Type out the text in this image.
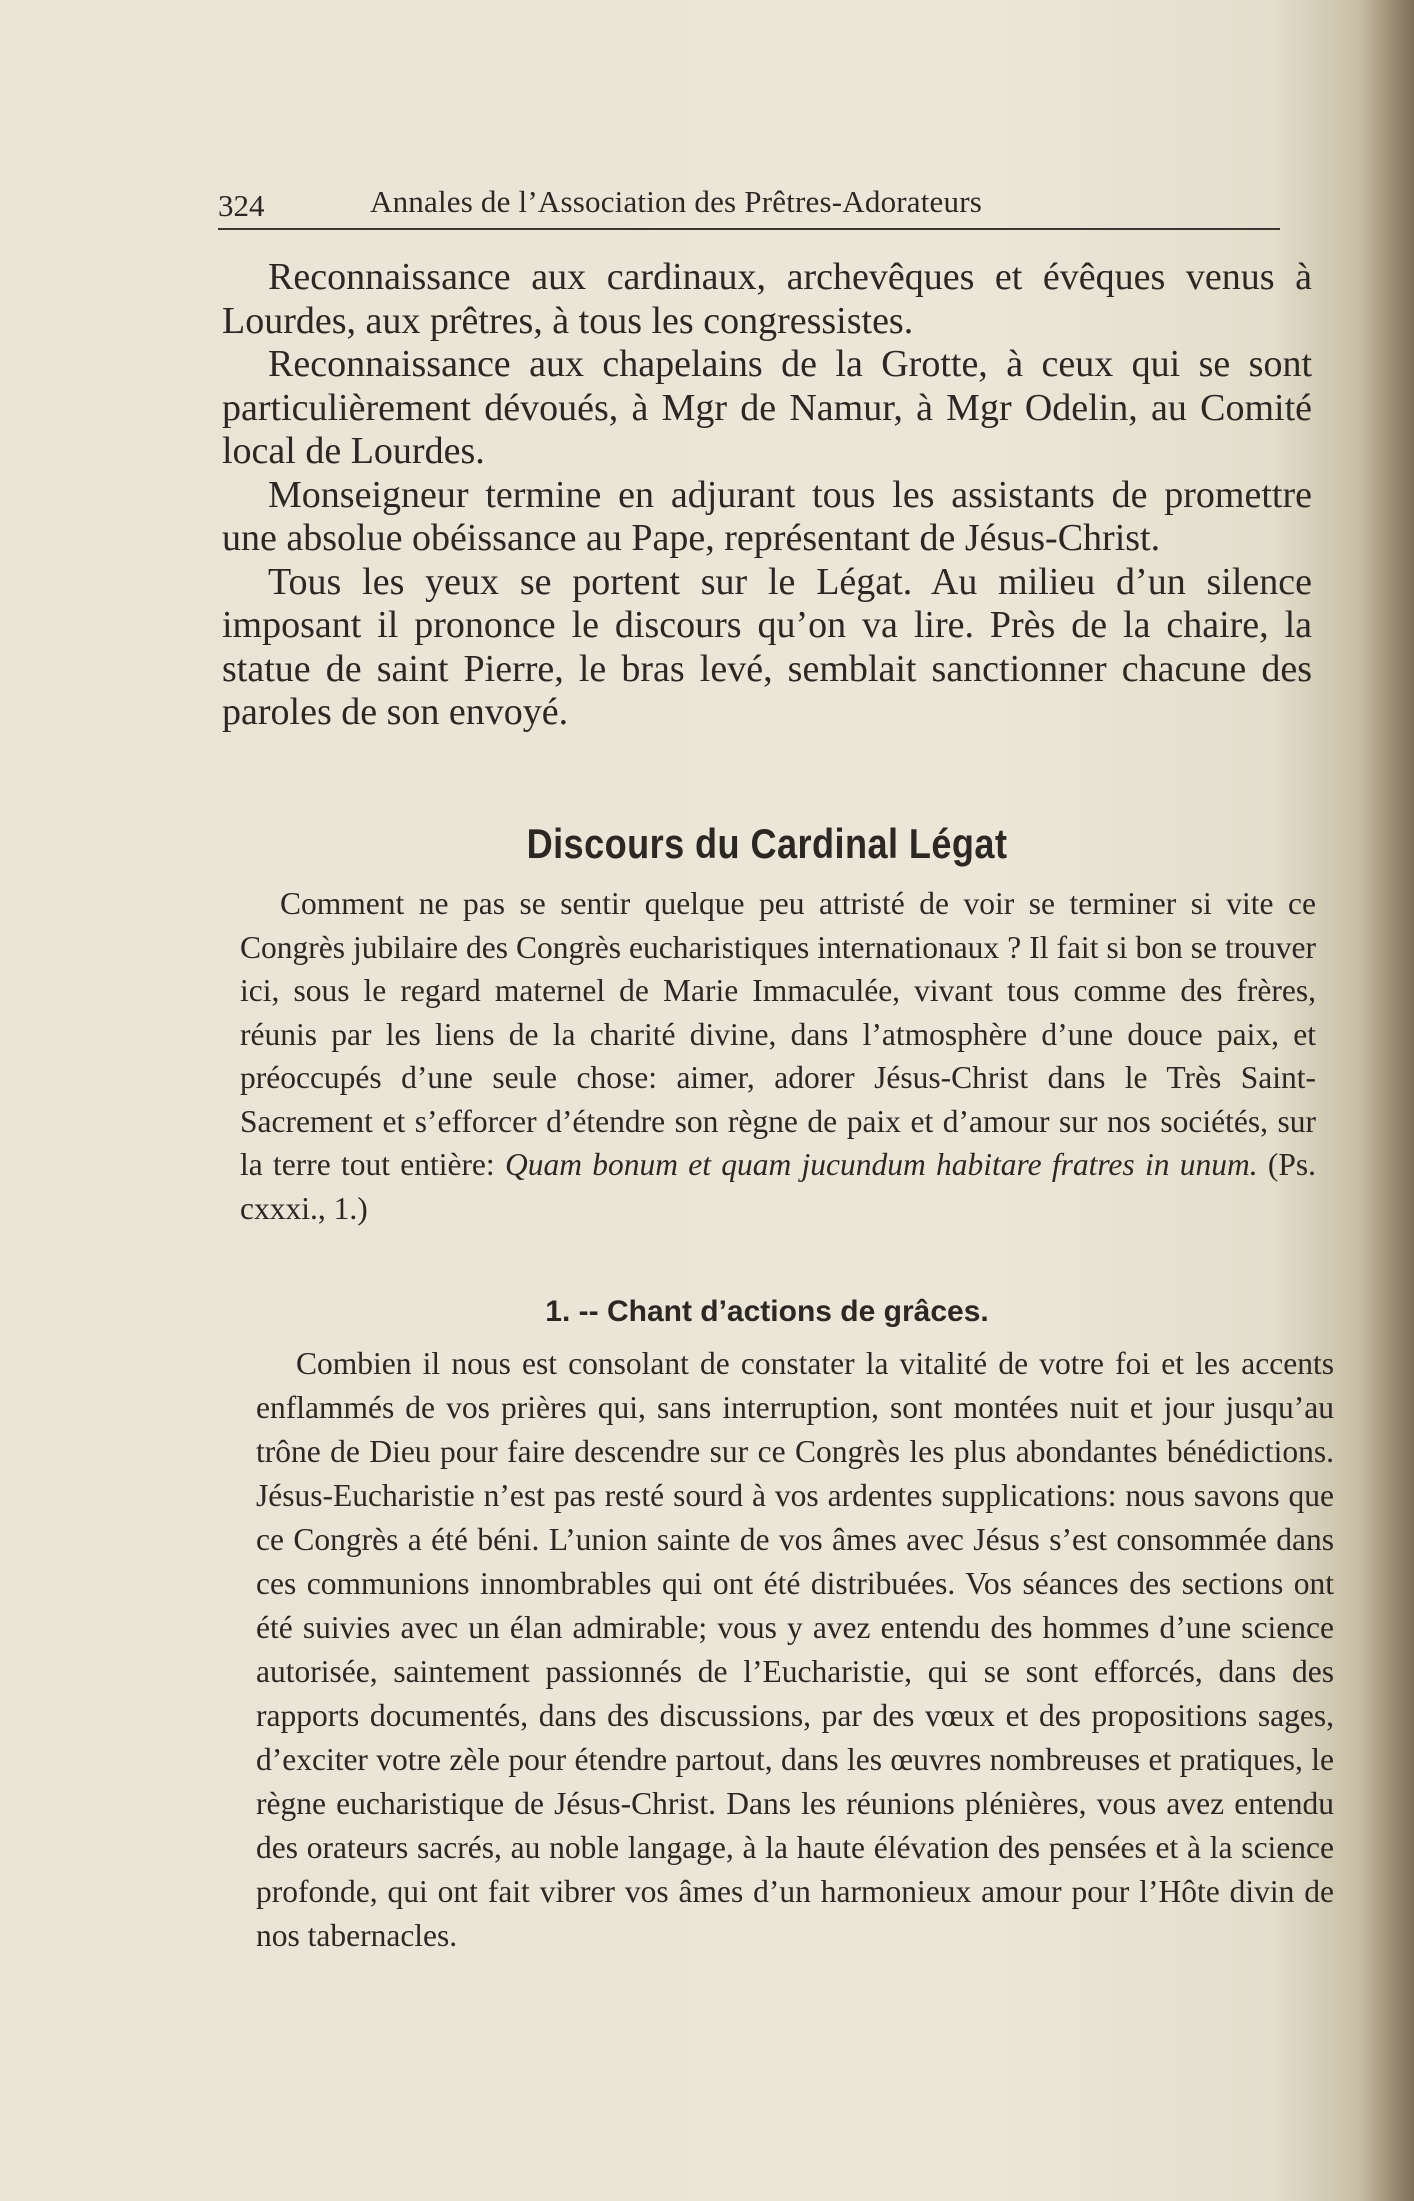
324	Annales de l’Association des Prêtres-Adorateurs

Reconnaissance aux cardinaux, archevêques et évêques venus à Lourdes, aux prêtres, à tous les congressistes.

Reconnaissance aux chapelains de la Grotte, à ceux qui se sont particulièrement dévoués, à Mgr de Namur, à Mgr Odelin, au Comité local de Lourdes.

Monseigneur termine en adjurant tous les assistants de promettre une absolue obéissance au Pape, représentant de Jésus-Christ.

Tous les yeux se portent sur le Légat. Au milieu d’un silence imposant il prononce le discours qu’on va lire. Près de la chaire, la statue de saint Pierre, le bras levé, semblait sanctionner chacune des paroles de son envoyé.

Discours du Cardinal Légat

Comment ne pas se sentir quelque peu attristé de voir se terminer si vite ce Congrès jubilaire des Congrès eucharistiques internationaux ? Il fait si bon se trouver ici, sous le regard maternel de Marie Immaculée, vivant tous comme des frères, réunis par les liens de la charité divine, dans l’atmosphère d’une douce paix, et préoccupés d’une seule chose: aimer, adorer Jésus-Christ dans le Très Saint-Sacrement et s’efforcer d’étendre son règne de paix et d’amour sur nos sociétés, sur la terre tout entière: Quam bonum et quam jucundum habitare fratres in unum. (Ps. cxxxi., 1.)

1. -- Chant d’actions de grâces.

Combien il nous est consolant de constater la vitalité de votre foi et les accents enflammés de vos prières qui, sans interruption, sont montées nuit et jour jusqu’au trône de Dieu pour faire descendre sur ce Congrès les plus abondantes bénédictions. Jésus-Eucharistie n’est pas resté sourd à vos ardentes supplications: nous savons que ce Congrès a été béni. L’union sainte de vos âmes avec Jésus s’est consommée dans ces communions innombrables qui ont été distribuées. Vos séances des sections ont été suivies avec un élan admirable; vous y avez entendu des hommes d’une science autorisée, saintement passionnés de l’Eucharistie, qui se sont efforcés, dans des rapports documentés, dans des discussions, par des vœux et des propositions sages, d’exciter votre zèle pour étendre partout, dans les œuvres nombreuses et pratiques, le règne eucharistique de Jésus-Christ. Dans les réunions plénières, vous avez entendu des orateurs sacrés, au noble langage, à la haute élévation des pensées et à la science profonde, qui ont fait vibrer vos âmes d’un harmonieux amour pour l’Hôte divin de nos tabernacles.
